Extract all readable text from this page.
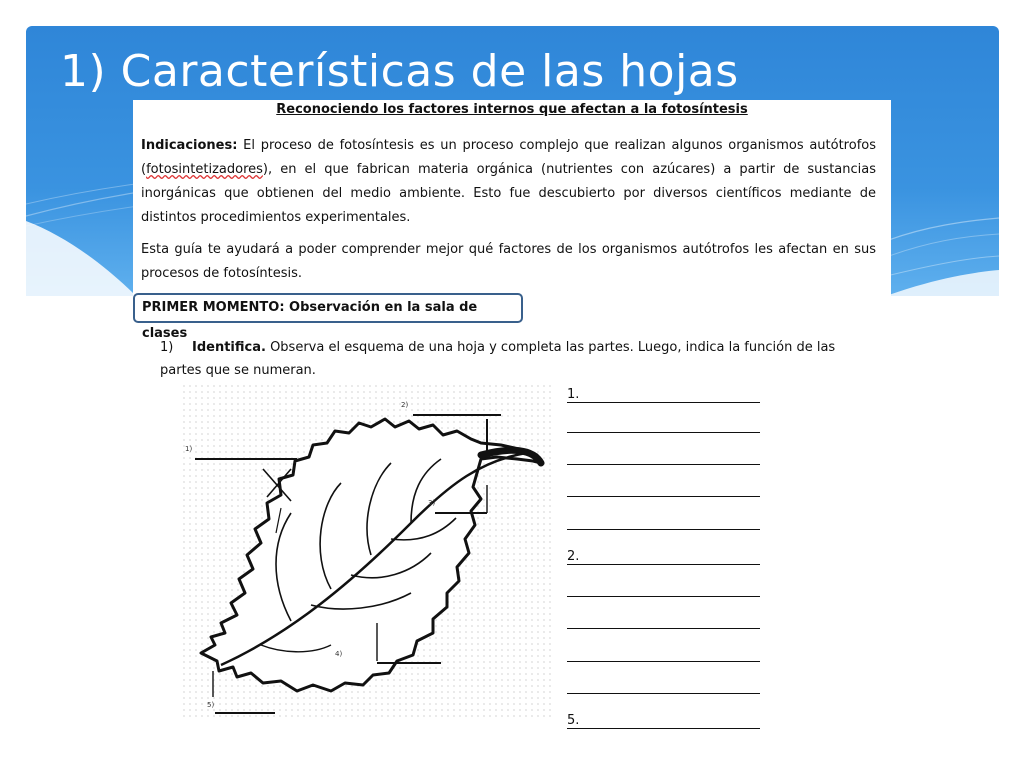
1) Características de las hojas
Reconociendo los factores internos que afectan a la fotosíntesis

Indicaciones: El proceso de fotosíntesis es un proceso complejo que realizan algunos organismos autótrofos (fotosintetizadores), en el que fabrican materia orgánica (nutrientes con azúcares) a partir de sustancias inorgánicas que obtienen del medio ambiente. Esto fue descubierto por diversos científicos mediante de distintos procedimientos experimentales.

Esta guía te ayudará a poder comprender mejor qué factores de los organismos autótrofos les afectan en sus procesos de fotosíntesis.

PRIMER MOMENTO: Observación en la sala de clases

1) Identifica. Observa el esquema de una hoja y completa las partes. Luego, indica la función de las partes que se numeran.

1)
2)
3)
4)
5)
1.
2.
5.
